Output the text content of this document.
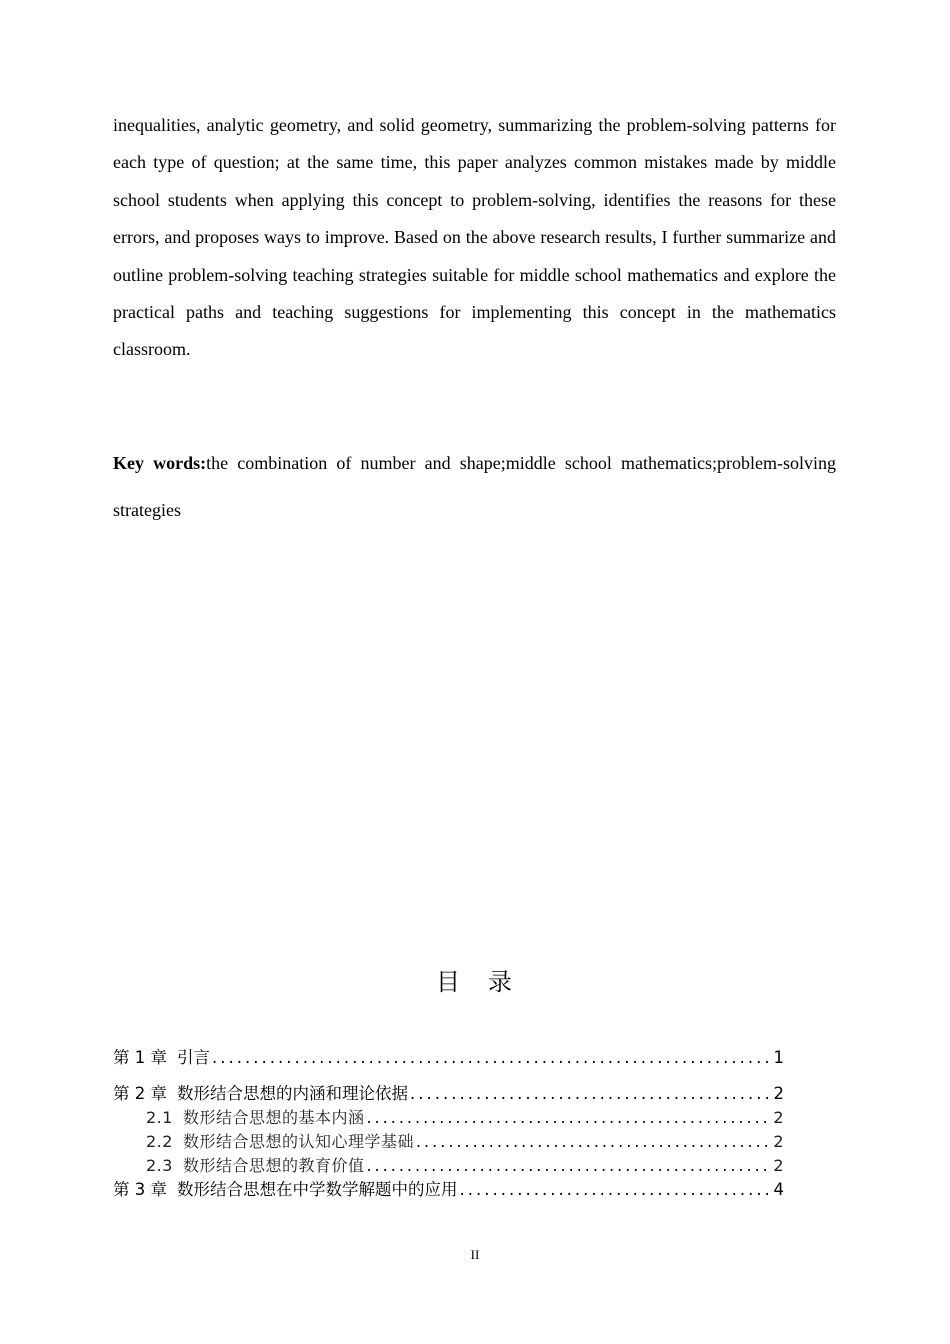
inequalities, analytic geometry, and solid geometry, summarizing the problem-solving patterns for each type of question; at the same time, this paper analyzes common mistakes made by middle school students when applying this concept to problem-solving, identifies the reasons for these errors, and proposes ways to improve. Based on the above research results, I further summarize and outline problem-solving teaching strategies suitable for middle school mathematics and explore the practical paths and teaching suggestions for implementing this concept in the mathematics classroom.

Key words:the combination of number and shape;middle school mathematics;problem-solving strategies

目 录
第 1 章 引言 .....	1
第 2 章 数形结合思想的内涵和理论依据 .....	2
2.1 数形结合思想的基本内涵 .....	2
2.2 数形结合思想的认知心理学基础 .....	2
2.3 数形结合思想的教育价值 .....	2
第 3 章 数形结合思想在中学数学解题中的应用 .....	4
II
